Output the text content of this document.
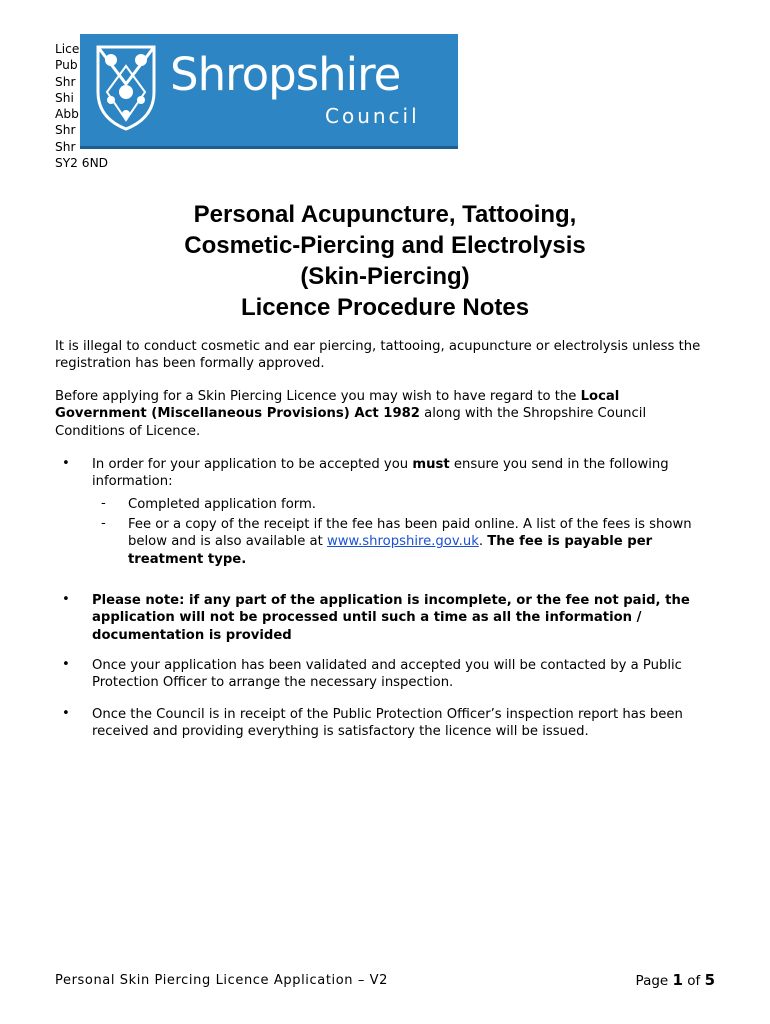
Lice
Pub
Shr
Shi
Abb
Shr
Shr
SY2 6ND
Shropshire
Council
Personal Acupuncture, Tattooing,
Cosmetic-Piercing and Electrolysis
(Skin-Piercing)
Licence Procedure Notes
It is illegal to conduct cosmetic and ear piercing, tattooing, acupuncture or electrolysis unless the registration has been formally approved.
Before applying for a Skin Piercing Licence you may wish to have regard to the Local Government (Miscellaneous Provisions) Act 1982 along with the Shropshire Council Conditions of Licence.
• In order for your application to be accepted you must ensure you send in the following information:
- Completed application form.
- Fee or a copy of the receipt if the fee has been paid online. A list of the fees is shown below and is also available at www.shropshire.gov.uk. The fee is payable per treatment type.
• Please note: if any part of the application is incomplete, or the fee not paid, the application will not be processed until such a time as all the information / documentation is provided
• Once your application has been validated and accepted you will be contacted by a Public Protection Officer to arrange the necessary inspection.
• Once the Council is in receipt of the Public Protection Officer’s inspection report has been received and providing everything is satisfactory the licence will be issued.
Personal Skin Piercing Licence Application – V2	Page 1 of 5
